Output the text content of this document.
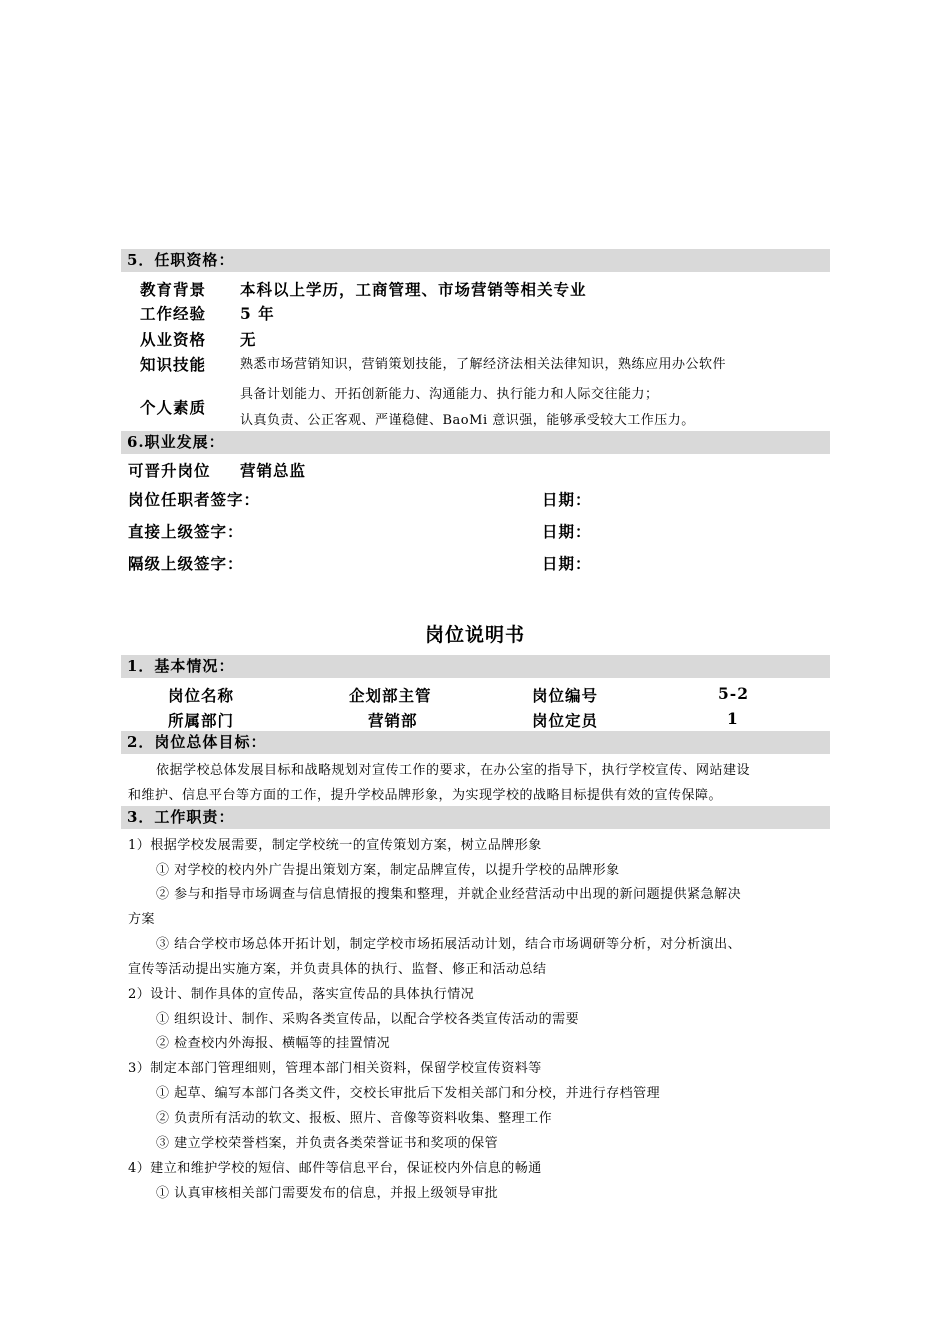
5．任职资格：
教育背景 本科以上学历，工商管理、市场营销等相关专业
工作经验 5 年
从业资格 无
知识技能	熟悉市场营销知识，营销策划技能，了解经济法相关法律知识，熟练应用办公软件
个人素质
具备计划能力、开拓创新能力、沟通能力、执行能力和人际交往能力；
认真负责、公正客观、严谨稳健、BaoMi 意识强，能够承受较大工作压力。
6.职业发展：
可晋升岗位 营销总监
岗位任职者签字：	日期：
直接上级签字：	日期：
隔级上级签字：	日期：
岗位说明书
1．基本情况：
岗位名称	企划部主管	岗位编号	5-2
所属部门	营销部	岗位定员	1
2．岗位总体目标：
依据学校总体发展目标和战略规划对宣传工作的要求，在办公室的指导下，执行学校宣传、网站建设
和维护、信息平台等方面的工作，提升学校品牌形象，为实现学校的战略目标提供有效的宣传保障。
3．工作职责：
1）根据学校发展需要，制定学校统一的宣传策划方案，树立品牌形象
① 对学校的校内外广告提出策划方案，制定品牌宣传，以提升学校的品牌形象
② 参与和指导市场调查与信息情报的搜集和整理，并就企业经营活动中出现的新问题提供紧急解决
方案
③ 结合学校市场总体开拓计划，制定学校市场拓展活动计划，结合市场调研等分析，对分析演出、
宣传等活动提出实施方案，并负责具体的执行、监督、修正和活动总结
2）设计、制作具体的宣传品，落实宣传品的具体执行情况
① 组织设计、制作、采购各类宣传品，以配合学校各类宣传活动的需要
② 检查校内外海报、横幅等的挂置情况
3）制定本部门管理细则，管理本部门相关资料，保留学校宣传资料等
① 起草、编写本部门各类文件，交校长审批后下发相关部门和分校，并进行存档管理
② 负责所有活动的软文、报板、照片、音像等资料收集、整理工作
③ 建立学校荣誉档案，并负责各类荣誉证书和奖项的保管
4）建立和维护学校的短信、邮件等信息平台，保证校内外信息的畅通
① 认真审核相关部门需要发布的信息，并报上级领导审批
